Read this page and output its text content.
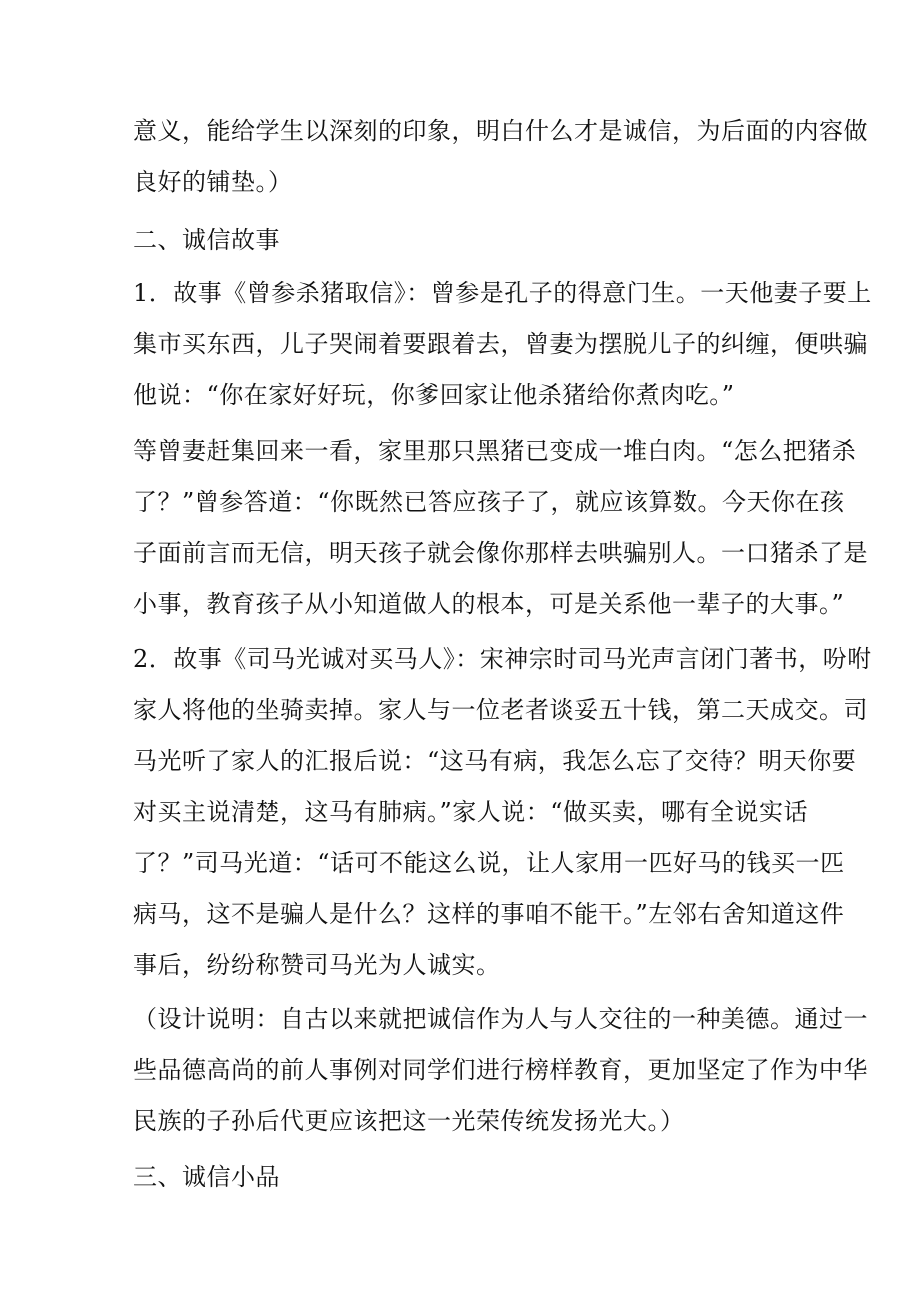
意义，能给学生以深刻的印象，明白什么才是诚信，为后面的内容做
良好的铺垫。）
二、诚信故事
1．故事《曾参杀猪取信》：曾参是孔子的得意门生。一天他妻子要上
集市买东西，儿子哭闹着要跟着去，曾妻为摆脱儿子的纠缠，便哄骗
他说：“你在家好好玩，你爹回家让他杀猪给你煮肉吃。”
等曾妻赶集回来一看，家里那只黑猪已变成一堆白肉。“怎么把猪杀
了？”曾参答道：“你既然已答应孩子了，就应该算数。今天你在孩
子面前言而无信，明天孩子就会像你那样去哄骗别人。一口猪杀了是
小事，教育孩子从小知道做人的根本，可是关系他一辈子的大事。”
2．故事《司马光诚对买马人》：宋神宗时司马光声言闭门著书，吩咐
家人将他的坐骑卖掉。家人与一位老者谈妥五十钱，第二天成交。司
马光听了家人的汇报后说：“这马有病，我怎么忘了交待？明天你要
对买主说清楚，这马有肺病。”家人说：“做买卖，哪有全说实话
了？”司马光道：“话可不能这么说，让人家用一匹好马的钱买一匹
病马，这不是骗人是什么？这样的事咱不能干。”左邻右舍知道这件
事后，纷纷称赞司马光为人诚实。
（设计说明：自古以来就把诚信作为人与人交往的一种美德。通过一
些品德高尚的前人事例对同学们进行榜样教育，更加坚定了作为中华
民族的子孙后代更应该把这一光荣传统发扬光大。）
三、诚信小品
